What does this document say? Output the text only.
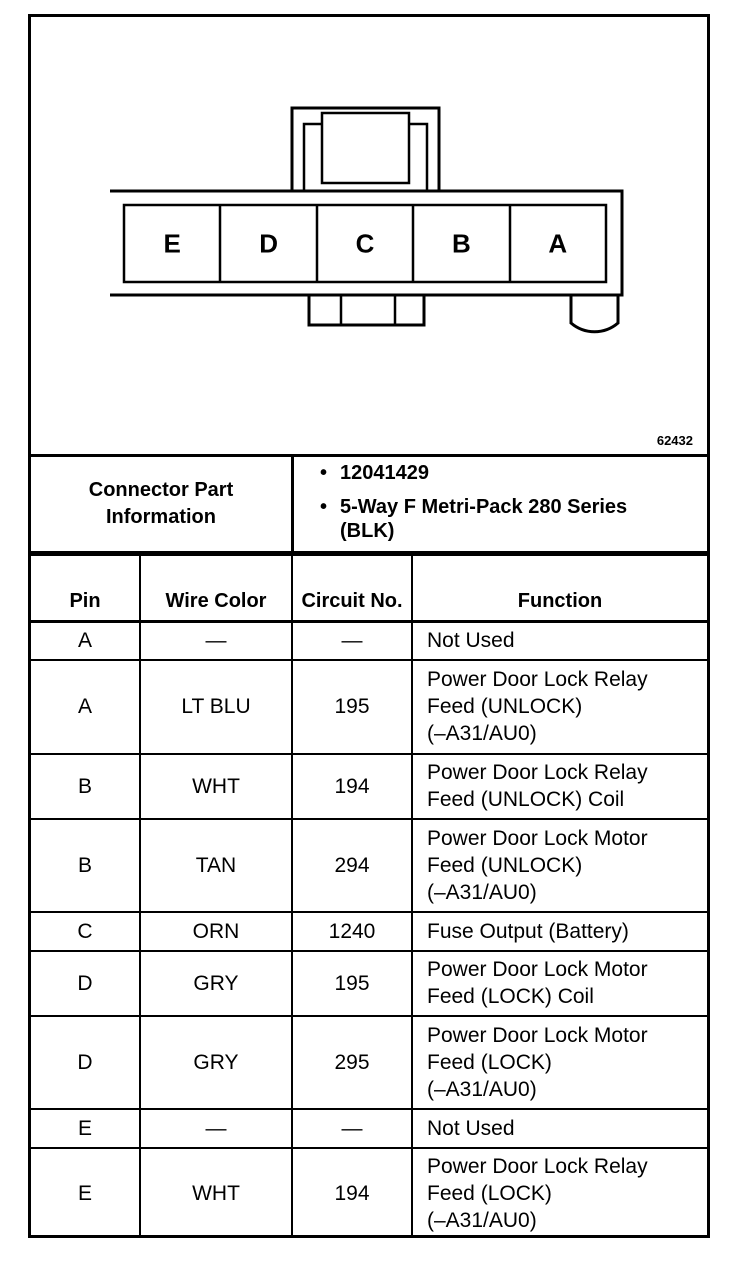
E	D	C	B	A
62432
Connector Part Information
• 12041429
• 5-Way F Metri-Pack 280 Series (BLK)
Pin	Wire Color	Circuit No.	Function
A	—	—	Not Used
A	LT BLU	195	Power Door Lock Relay
Feed (UNLOCK)
(–A31/AU0)
B	WHT	194	Power Door Lock Relay
Feed (UNLOCK) Coil
B	TAN	294	Power Door Lock Motor
Feed (UNLOCK)
(–A31/AU0)
C	ORN	1240	Fuse Output (Battery)
D	GRY	195	Power Door Lock Motor
Feed (LOCK) Coil
D	GRY	295	Power Door Lock Motor
Feed (LOCK)
(–A31/AU0)
E	—	—	Not Used
E	WHT	194	Power Door Lock Relay
Feed (LOCK)
(–A31/AU0)
